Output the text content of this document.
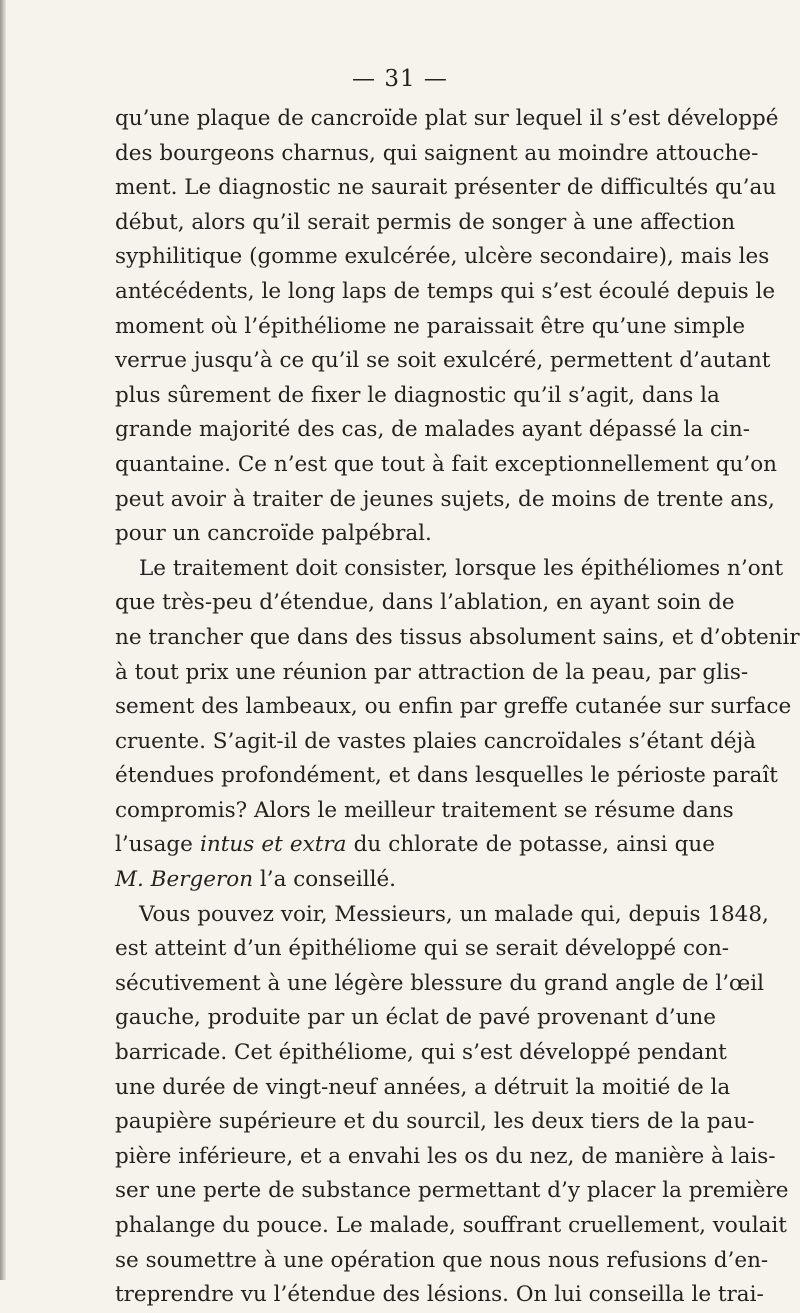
— 31 —
qu’une plaque de cancroïde plat sur lequel il s’est développé
des bourgeons charnus, qui saignent au moindre attouche-
ment. Le diagnostic ne saurait présenter de difficultés qu’au
début, alors qu’il serait permis de songer à une affection
syphilitique (gomme exulcérée, ulcère secondaire), mais les
antécédents, le long laps de temps qui s’est écoulé depuis le
moment où l’épithéliome ne paraissait être qu’une simple
verrue jusqu’à ce qu’il se soit exulcéré, permettent d’autant
plus sûrement de fixer le diagnostic qu’il s’agit, dans la
grande majorité des cas, de malades ayant dépassé la cin-
quantaine. Ce n’est que tout à fait exceptionnellement qu’on
peut avoir à traiter de jeunes sujets, de moins de trente ans,
pour un cancroïde palpébral.
Le traitement doit consister, lorsque les épithéliomes n’ont
que très-peu d’étendue, dans l’ablation, en ayant soin de
ne trancher que dans des tissus absolument sains, et d’obtenir
à tout prix une réunion par attraction de la peau, par glis-
sement des lambeaux, ou enfin par greffe cutanée sur surface
cruente. S’agit-il de vastes plaies cancroïdales s’étant déjà
étendues profondément, et dans lesquelles le périoste paraît
compromis? Alors le meilleur traitement se résume dans
l’usage intus et extra du chlorate de potasse, ainsi que
M. Bergeron l’a conseillé.
Vous pouvez voir, Messieurs, un malade qui, depuis 1848,
est atteint d’un épithéliome qui se serait développé con-
sécutivement à une légère blessure du grand angle de l’œil
gauche, produite par un éclat de pavé provenant d’une
barricade. Cet épithéliome, qui s’est développé pendant
une durée de vingt-neuf années, a détruit la moitié de la
paupière supérieure et du sourcil, les deux tiers de la pau-
pière inférieure, et a envahi les os du nez, de manière à lais-
ser une perte de substance permettant d’y placer la première
phalange du pouce. Le malade, souffrant cruellement, voulait
se soumettre à une opération que nous nous refusions d’en-
treprendre vu l’étendue des lésions. On lui conseilla le trai-
